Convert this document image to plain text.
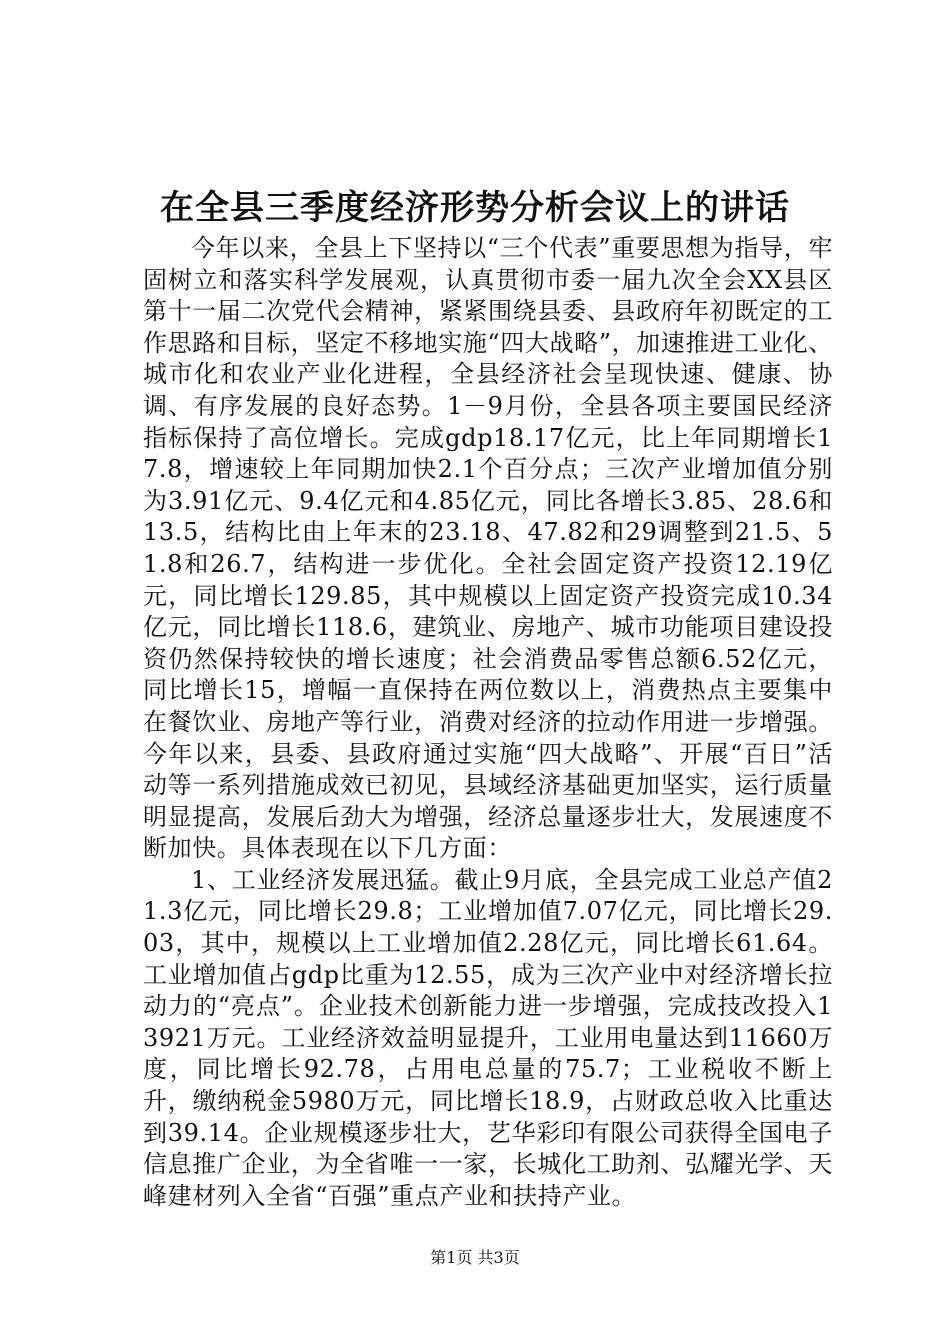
在全县三季度经济形势分析会议上的讲话

今年以来，全县上下坚持以“三个代表”重要思想为指导，牢固树立和落实科学发展观，认真贯彻市委一届九次全会XX县区第十一届二次党代会精神，紧紧围绕县委、县政府年初既定的工作思路和目标，坚定不移地实施“四大战略”，加速推进工业化、城市化和农业产业化进程，全县经济社会呈现快速、健康、协调、有序发展的良好态势。1－9月份，全县各项主要国民经济指标保持了高位增长。完成gdp18.17亿元，比上年同期增长17.8，增速较上年同期加快2.1个百分点；三次产业增加值分别为3.91亿元、9.4亿元和4.85亿元，同比各增长3.85、28.6和13.5，结构比由上年末的23.18、47.82和29调整到21.5、51.8和26.7，结构进一步优化。全社会固定资产投资12.19亿元，同比增长129.85，其中规模以上固定资产投资完成10.34亿元，同比增长118.6，建筑业、房地产、城市功能项目建设投资仍然保持较快的增长速度；社会消费品零售总额6.52亿元，同比增长15，增幅一直保持在两位数以上，消费热点主要集中在餐饮业、房地产等行业，消费对经济的拉动作用进一步增强。今年以来，县委、县政府通过实施“四大战略”、开展“百日”活动等一系列措施成效已初见，县域经济基础更加坚实，运行质量明显提高，发展后劲大为增强，经济总量逐步壮大，发展速度不断加快。具体表现在以下几方面：

1、工业经济发展迅猛。截止9月底，全县完成工业总产值21.3亿元，同比增长29.8；工业增加值7.07亿元，同比增长29.03，其中，规模以上工业增加值2.28亿元，同比增长61.64。工业增加值占gdp比重为12.55，成为三次产业中对经济增长拉动力的“亮点”。企业技术创新能力进一步增强，完成技改投入13921万元。工业经济效益明显提升，工业用电量达到11660万度，同比增长92.78，占用电总量的75.7；工业税收不断上升，缴纳税金5980万元，同比增长18.9，占财政总收入比重达到39.14。企业规模逐步壮大，艺华彩印有限公司获得全国电子信息推广企业，为全省唯一一家，长城化工助剂、弘耀光学、天峰建材列入全省“百强”重点产业和扶持产业。

第1页 共3页
